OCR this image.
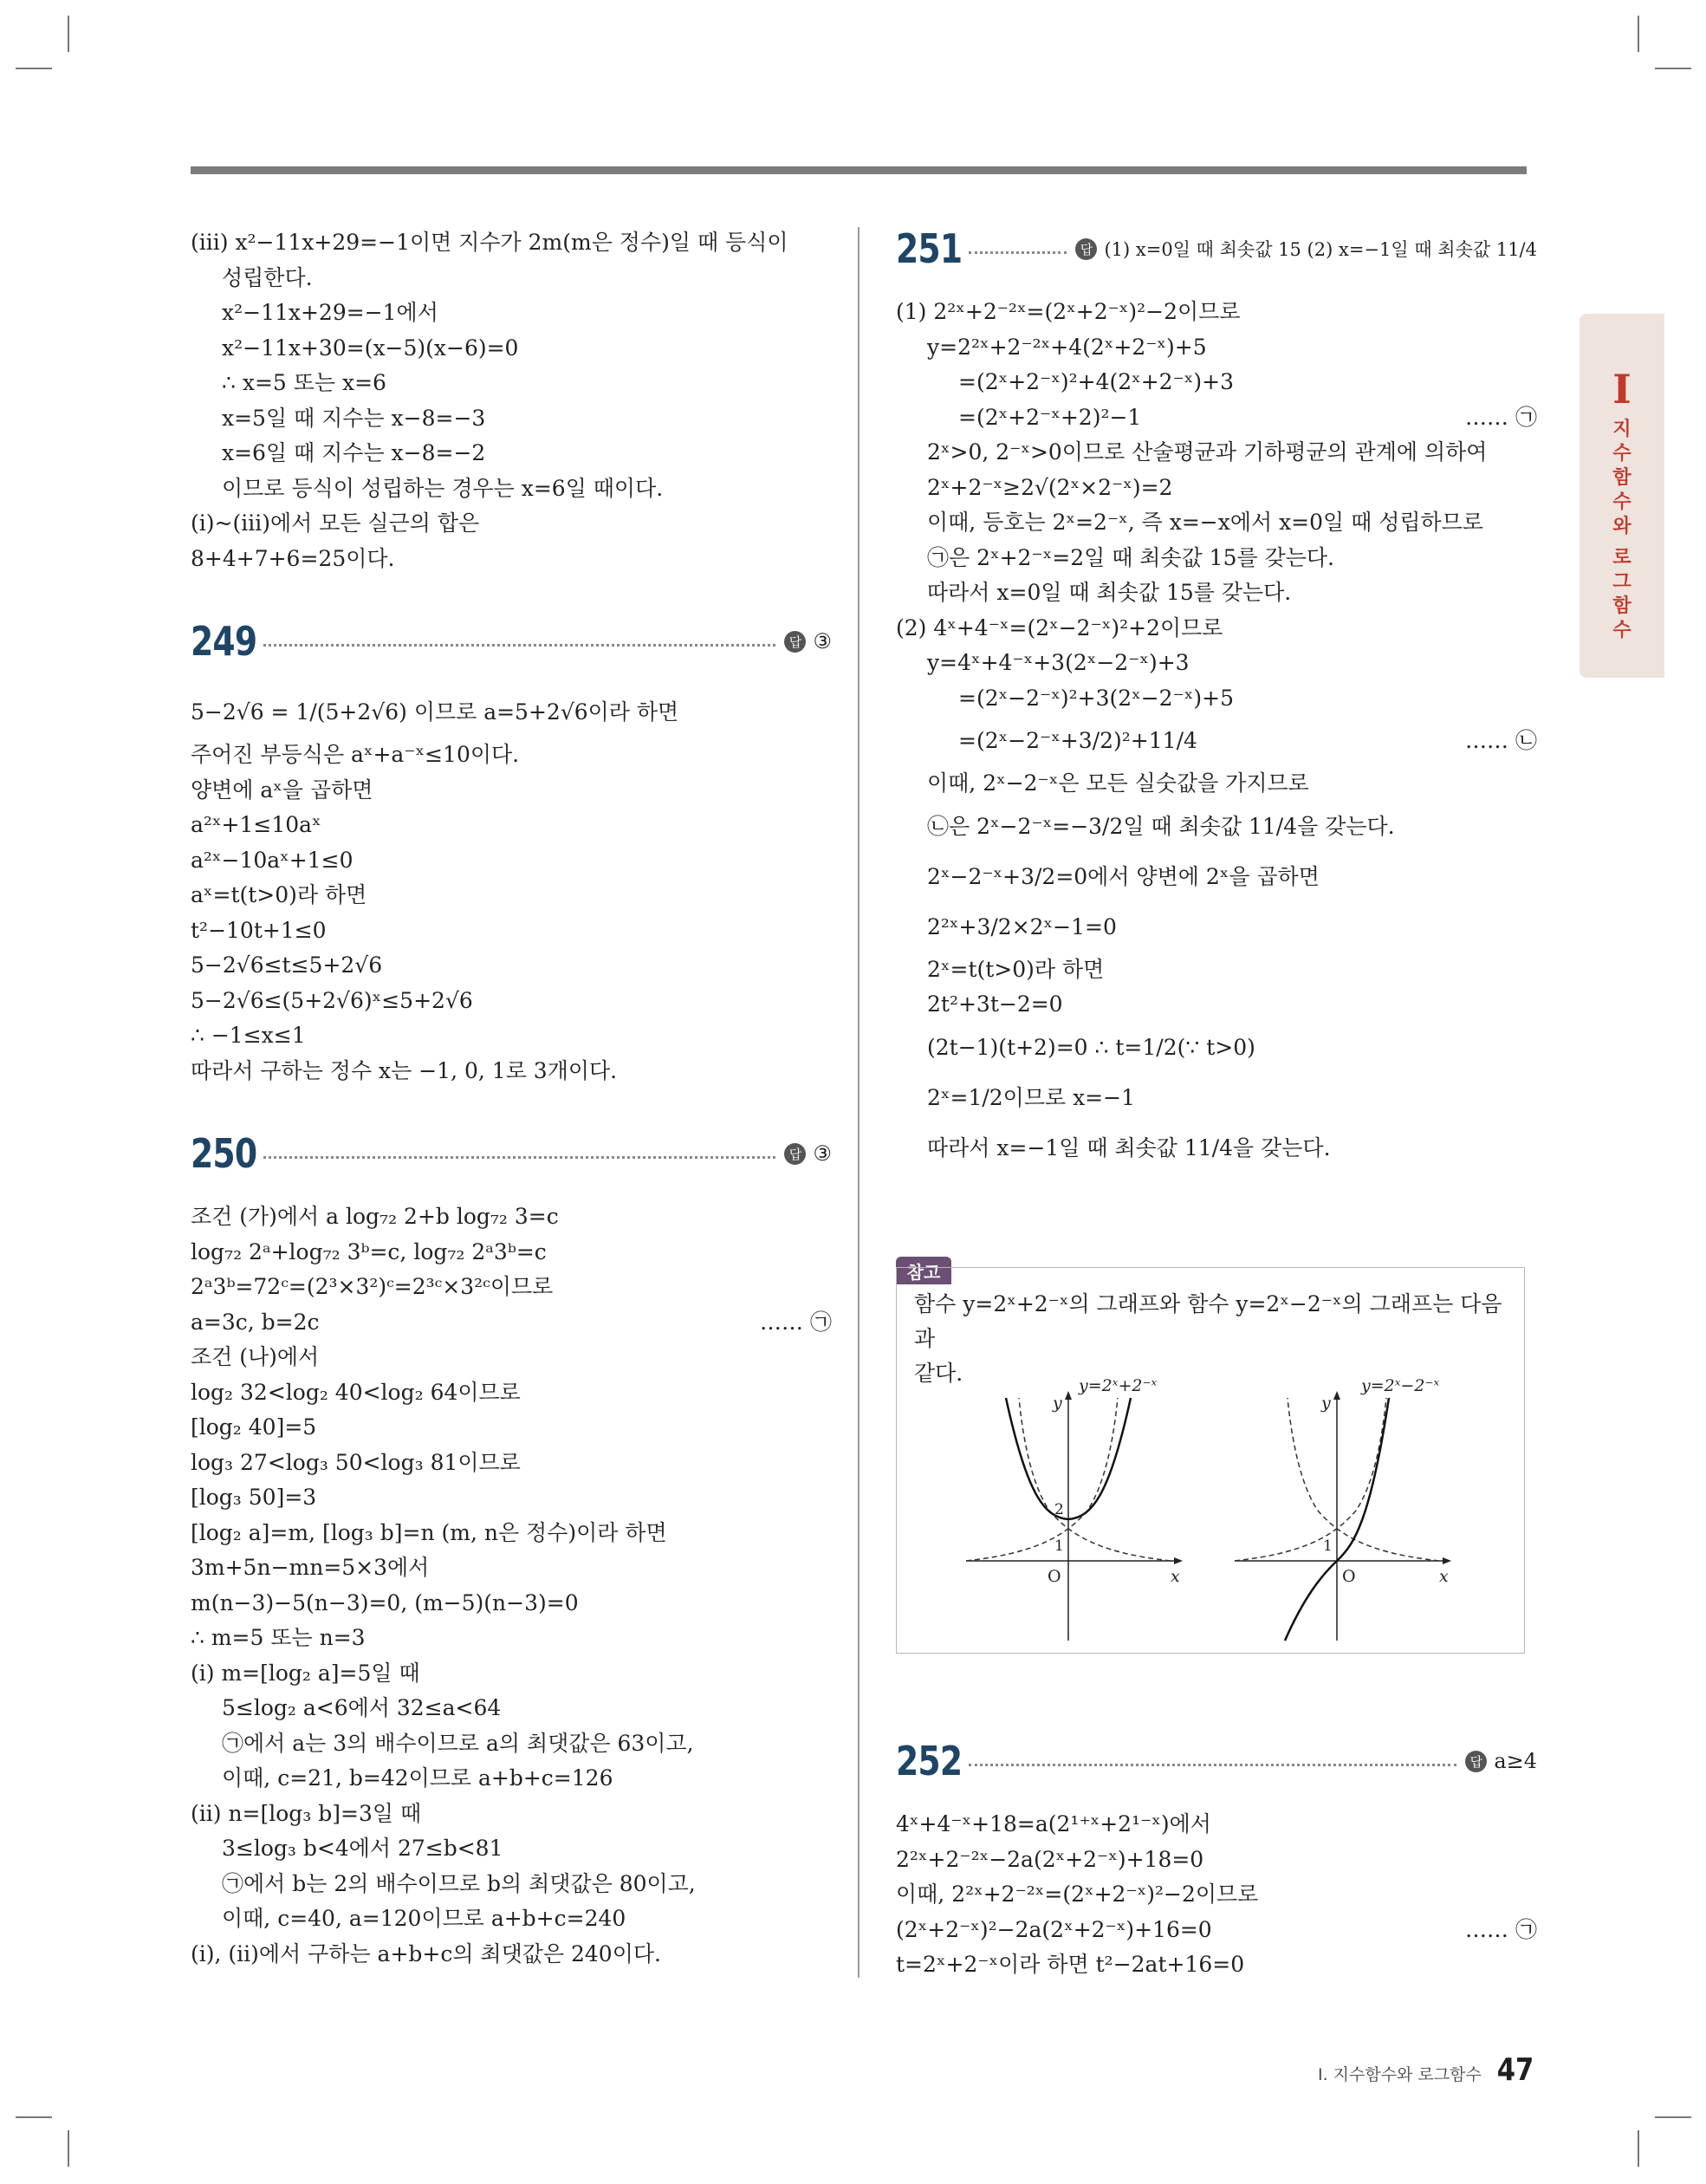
(ⅲ) x²−11x+29=−1이면 지수가 2m(m은 정수)일 때 등식이
성립한다.
x²−11x+29=−1에서
x²−11x+30=(x−5)(x−6)=0
∴ x=5 또는 x=6
x=5일 때 지수는 x−8=−3
x=6일 때 지수는 x−8=−2
이므로 등식이 성립하는 경우는 x=6일 때이다.
(ⅰ)~(ⅲ)에서 모든 실근의 합은
8+4+7+6=25이다.
249	답 ③
5−2√6 = 1/(5+2√6) 이므로 a=5+2√6이라 하면
주어진 부등식은 aˣ+a⁻ˣ≤10이다.
양변에 aˣ을 곱하면
a²ˣ+1≤10aˣ
a²ˣ−10aˣ+1≤0
aˣ=t(t>0)라 하면
t²−10t+1≤0
5−2√6≤t≤5+2√6
5−2√6≤(5+2√6)ˣ≤5+2√6
∴ −1≤x≤1
따라서 구하는 정수 x는 −1, 0, 1로 3개이다.
250	답 ③
조건 (가)에서 a log₇₂ 2+b log₇₂ 3=c
log₇₂ 2ᵃ+log₇₂ 3ᵇ=c, log₇₂ 2ᵃ3ᵇ=c
2ᵃ3ᵇ=72ᶜ=(2³×3²)ᶜ=2³ᶜ×3²ᶜ이므로
a=3c, b=2c	…… ㉠
조건 (나)에서
log₂ 32<log₂ 40<log₂ 64이므로
[log₂ 40]=5
log₃ 27<log₃ 50<log₃ 81이므로
[log₃ 50]=3
[log₂ a]=m, [log₃ b]=n (m, n은 정수)이라 하면
3m+5n−mn=5×3에서
m(n−3)−5(n−3)=0, (m−5)(n−3)=0
∴ m=5 또는 n=3
(ⅰ) m=[log₂ a]=5일 때
5≤log₂ a<6에서 32≤a<64
㉠에서 a는 3의 배수이므로 a의 최댓값은 63이고,
이때, c=21, b=42이므로 a+b+c=126
(ⅱ) n=[log₃ b]=3일 때
3≤log₃ b<4에서 27≤b<81
㉠에서 b는 2의 배수이므로 b의 최댓값은 80이고,
이때, c=40, a=120이므로 a+b+c=240
(ⅰ), (ⅱ)에서 구하는 a+b+c의 최댓값은 240이다.
251	답 (1) x=0일 때 최솟값 15 (2) x=−1일 때 최솟값 11/4
(1) 2²ˣ+2⁻²ˣ=(2ˣ+2⁻ˣ)²−2이므로
y=2²ˣ+2⁻²ˣ+4(2ˣ+2⁻ˣ)+5
=(2ˣ+2⁻ˣ)²+4(2ˣ+2⁻ˣ)+3
=(2ˣ+2⁻ˣ+2)²−1	…… ㉠
2ˣ>0, 2⁻ˣ>0이므로 산술평균과 기하평균의 관계에 의하여
2ˣ+2⁻ˣ≥2√(2ˣ×2⁻ˣ)=2
이때, 등호는 2ˣ=2⁻ˣ, 즉 x=−x에서 x=0일 때 성립하므로
㉠은 2ˣ+2⁻ˣ=2일 때 최솟값 15를 갖는다.
따라서 x=0일 때 최솟값 15를 갖는다.
(2) 4ˣ+4⁻ˣ=(2ˣ−2⁻ˣ)²+2이므로
y=4ˣ+4⁻ˣ+3(2ˣ−2⁻ˣ)+3
=(2ˣ−2⁻ˣ)²+3(2ˣ−2⁻ˣ)+5
=(2ˣ−2⁻ˣ+3/2)²+11/4	…… ㉡
이때, 2ˣ−2⁻ˣ은 모든 실숫값을 가지므로
㉡은 2ˣ−2⁻ˣ=−3/2일 때 최솟값 11/4을 갖는다.
2ˣ−2⁻ˣ+3/2=0에서 양변에 2ˣ을 곱하면
2²ˣ+3/2×2ˣ−1=0
2ˣ=t(t>0)라 하면
2t²+3t−2=0
(2t−1)(t+2)=0 ∴ t=1/2(∵ t>0)
2ˣ=1/2이므로 x=−1
따라서 x=−1일 때 최솟값 11/4을 갖는다.
참고
함수 y=2ˣ+2⁻ˣ의 그래프와 함수 y=2ˣ−2⁻ˣ의 그래프는 다음과
같다.	y=2ˣ+2⁻ˣ
y
x
O
2
1
y=2ˣ−2⁻ˣ
y
x
O
1
252	답 a≥4
4ˣ+4⁻ˣ+18=a(2¹⁺ˣ+2¹⁻ˣ)에서
2²ˣ+2⁻²ˣ−2a(2ˣ+2⁻ˣ)+18=0
이때, 2²ˣ+2⁻²ˣ=(2ˣ+2⁻ˣ)²−2이므로
(2ˣ+2⁻ˣ)²−2a(2ˣ+2⁻ˣ)+16=0	…… ㉠
t=2ˣ+2⁻ˣ이라 하면 t²−2at+16=0
I
지
수
함
수
와
로
그
함
수
Ⅰ. 지수함수와 로그함수 47
